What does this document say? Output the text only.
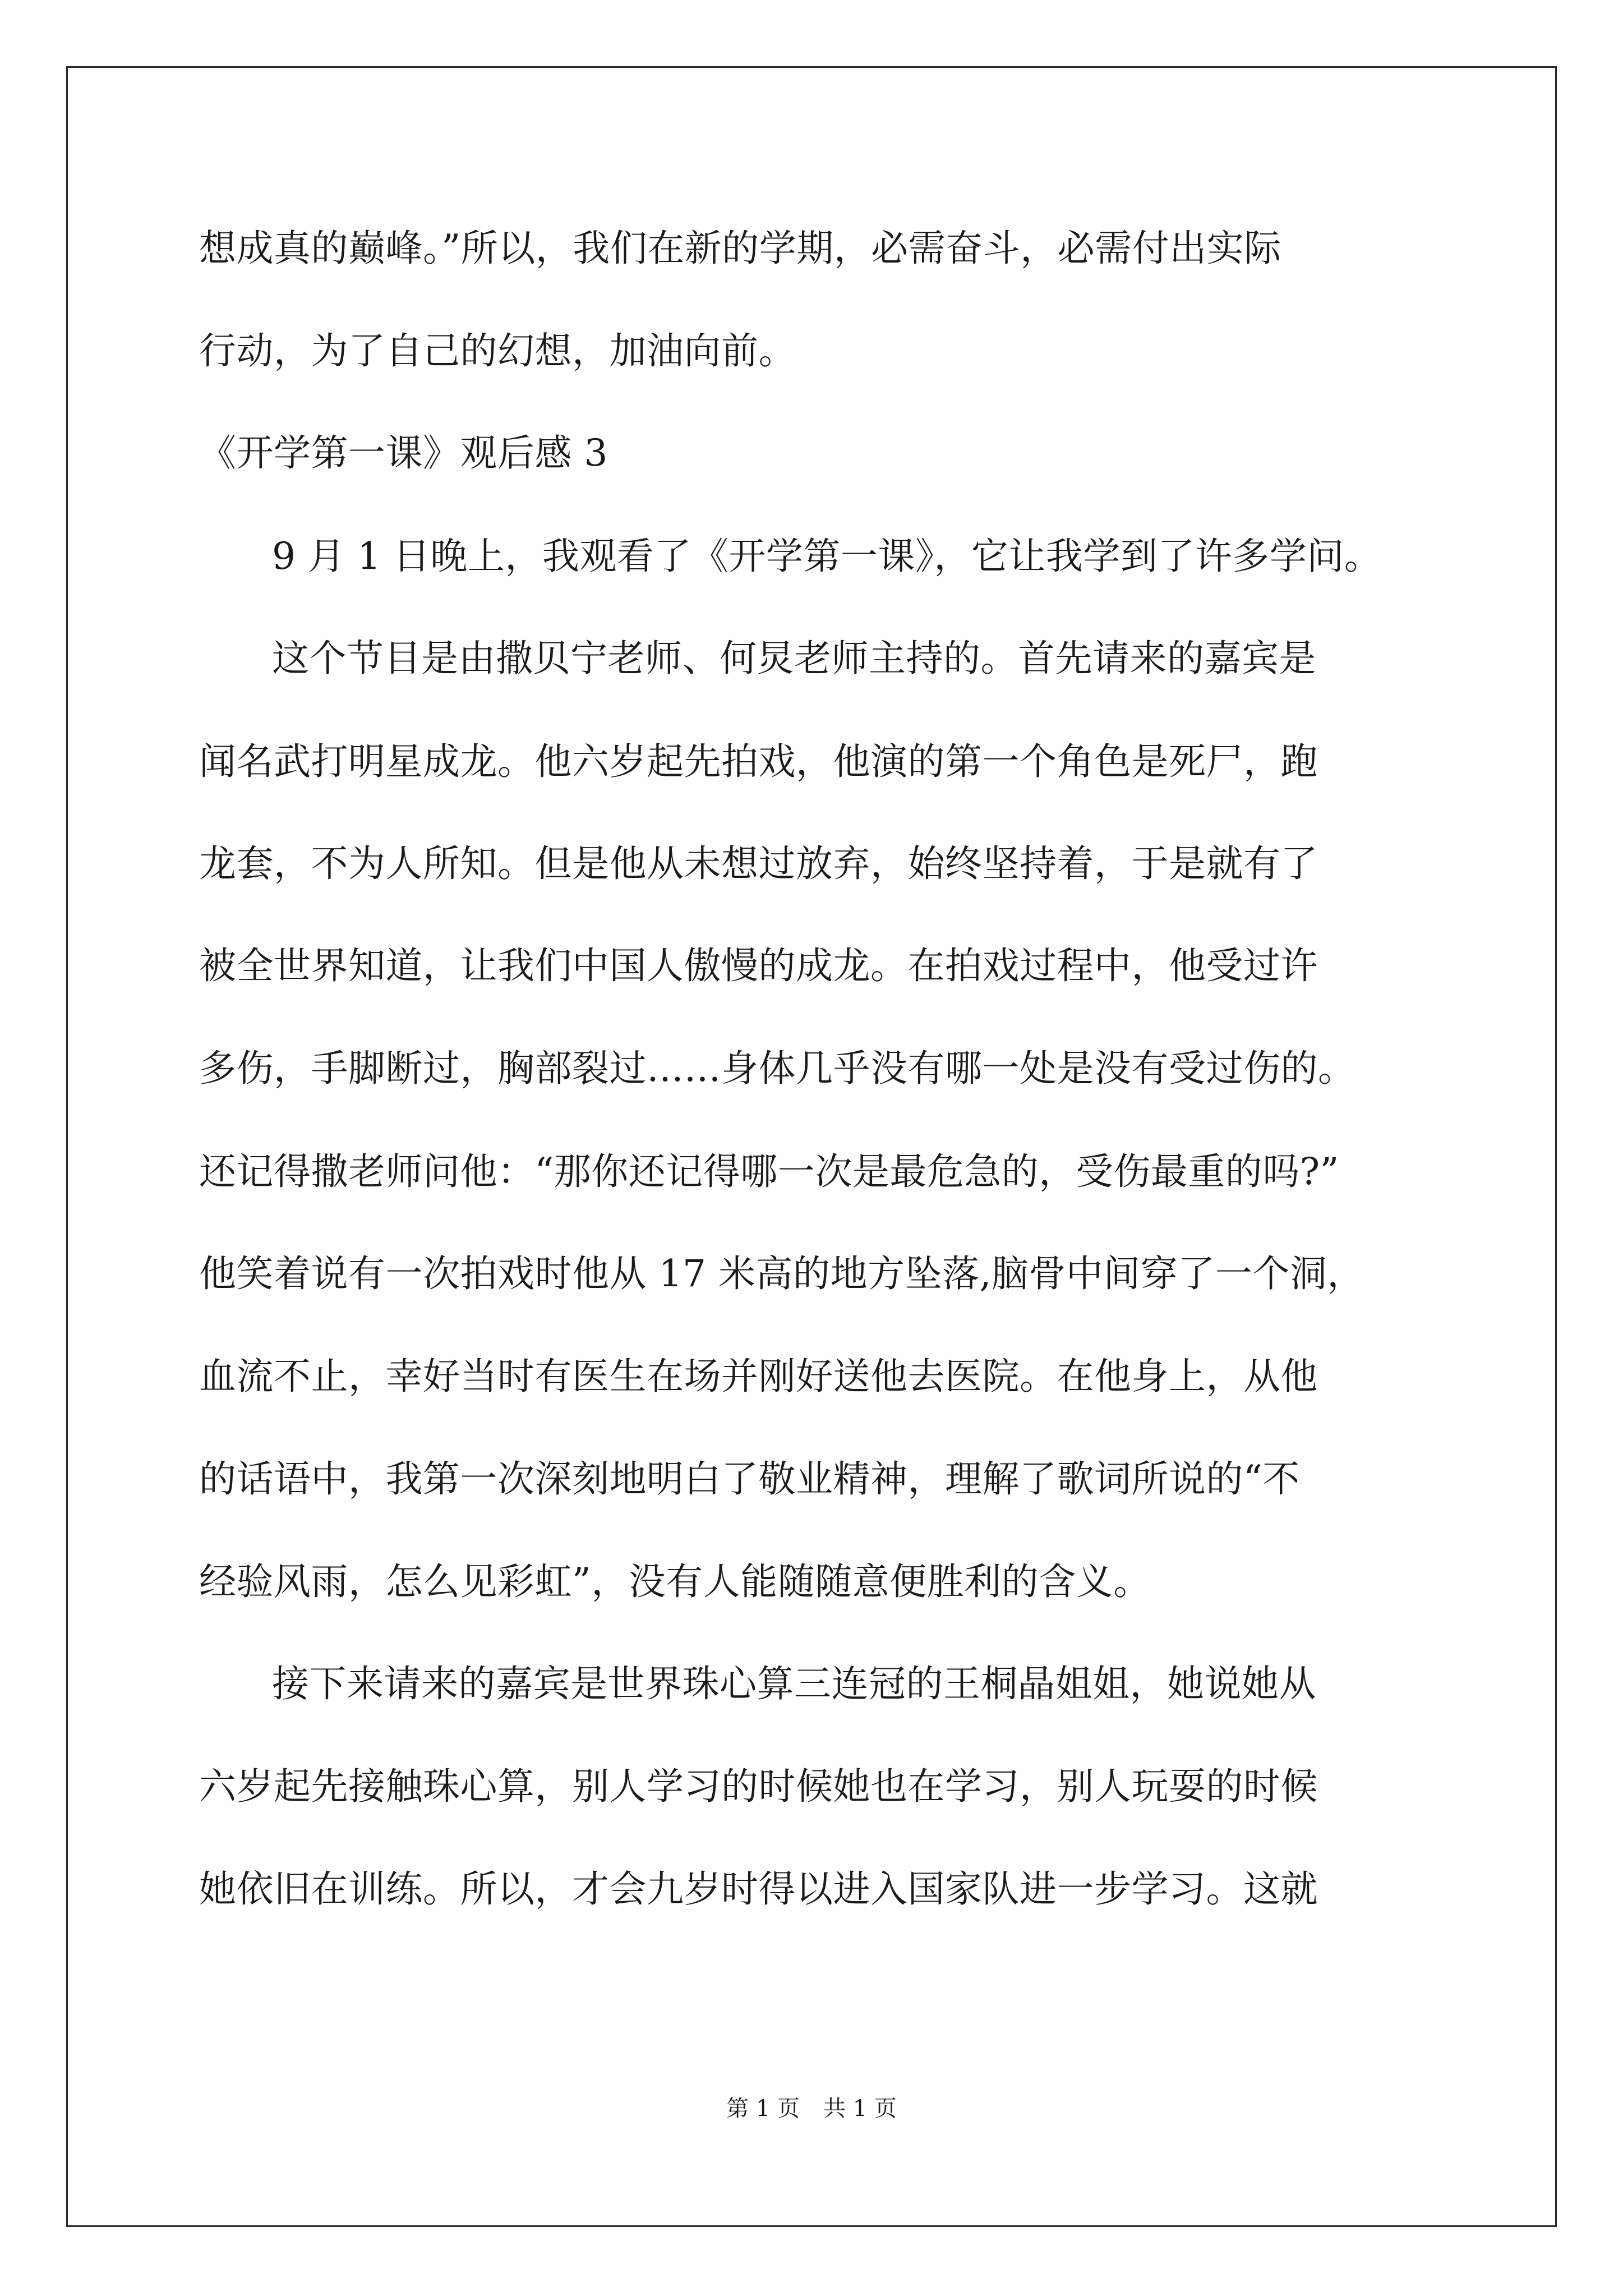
想成真的巅峰。”所以，我们在新的学期，必需奋斗，必需付出实际
行动，为了自己的幻想，加油向前。
《开学第一课》观后感 3
9 月 1 日晚上，我观看了《开学第一课》，它让我学到了许多学问。
这个节目是由撒贝宁老师、何炅老师主持的。首先请来的嘉宾是
闻名武打明星成龙。他六岁起先拍戏，他演的第一个角色是死尸，跑
龙套，不为人所知。但是他从未想过放弃，始终坚持着，于是就有了
被全世界知道，让我们中国人傲慢的成龙。在拍戏过程中，他受过许
多伤，手脚断过，胸部裂过……身体几乎没有哪一处是没有受过伤的。
还记得撒老师问他：“那你还记得哪一次是最危急的，受伤最重的吗?”
他笑着说有一次拍戏时他从 17 米高的地方坠落,脑骨中间穿了一个洞，
血流不止，幸好当时有医生在场并刚好送他去医院。在他身上，从他
的话语中，我第一次深刻地明白了敬业精神，理解了歌词所说的“不
经验风雨，怎么见彩虹”，没有人能随随意便胜利的含义。
接下来请来的嘉宾是世界珠心算三连冠的王桐晶姐姐，她说她从
六岁起先接触珠心算，别人学习的时候她也在学习，别人玩耍的时候
她依旧在训练。所以，才会九岁时得以进入国家队进一步学习。这就
第 1 页 共 1 页
